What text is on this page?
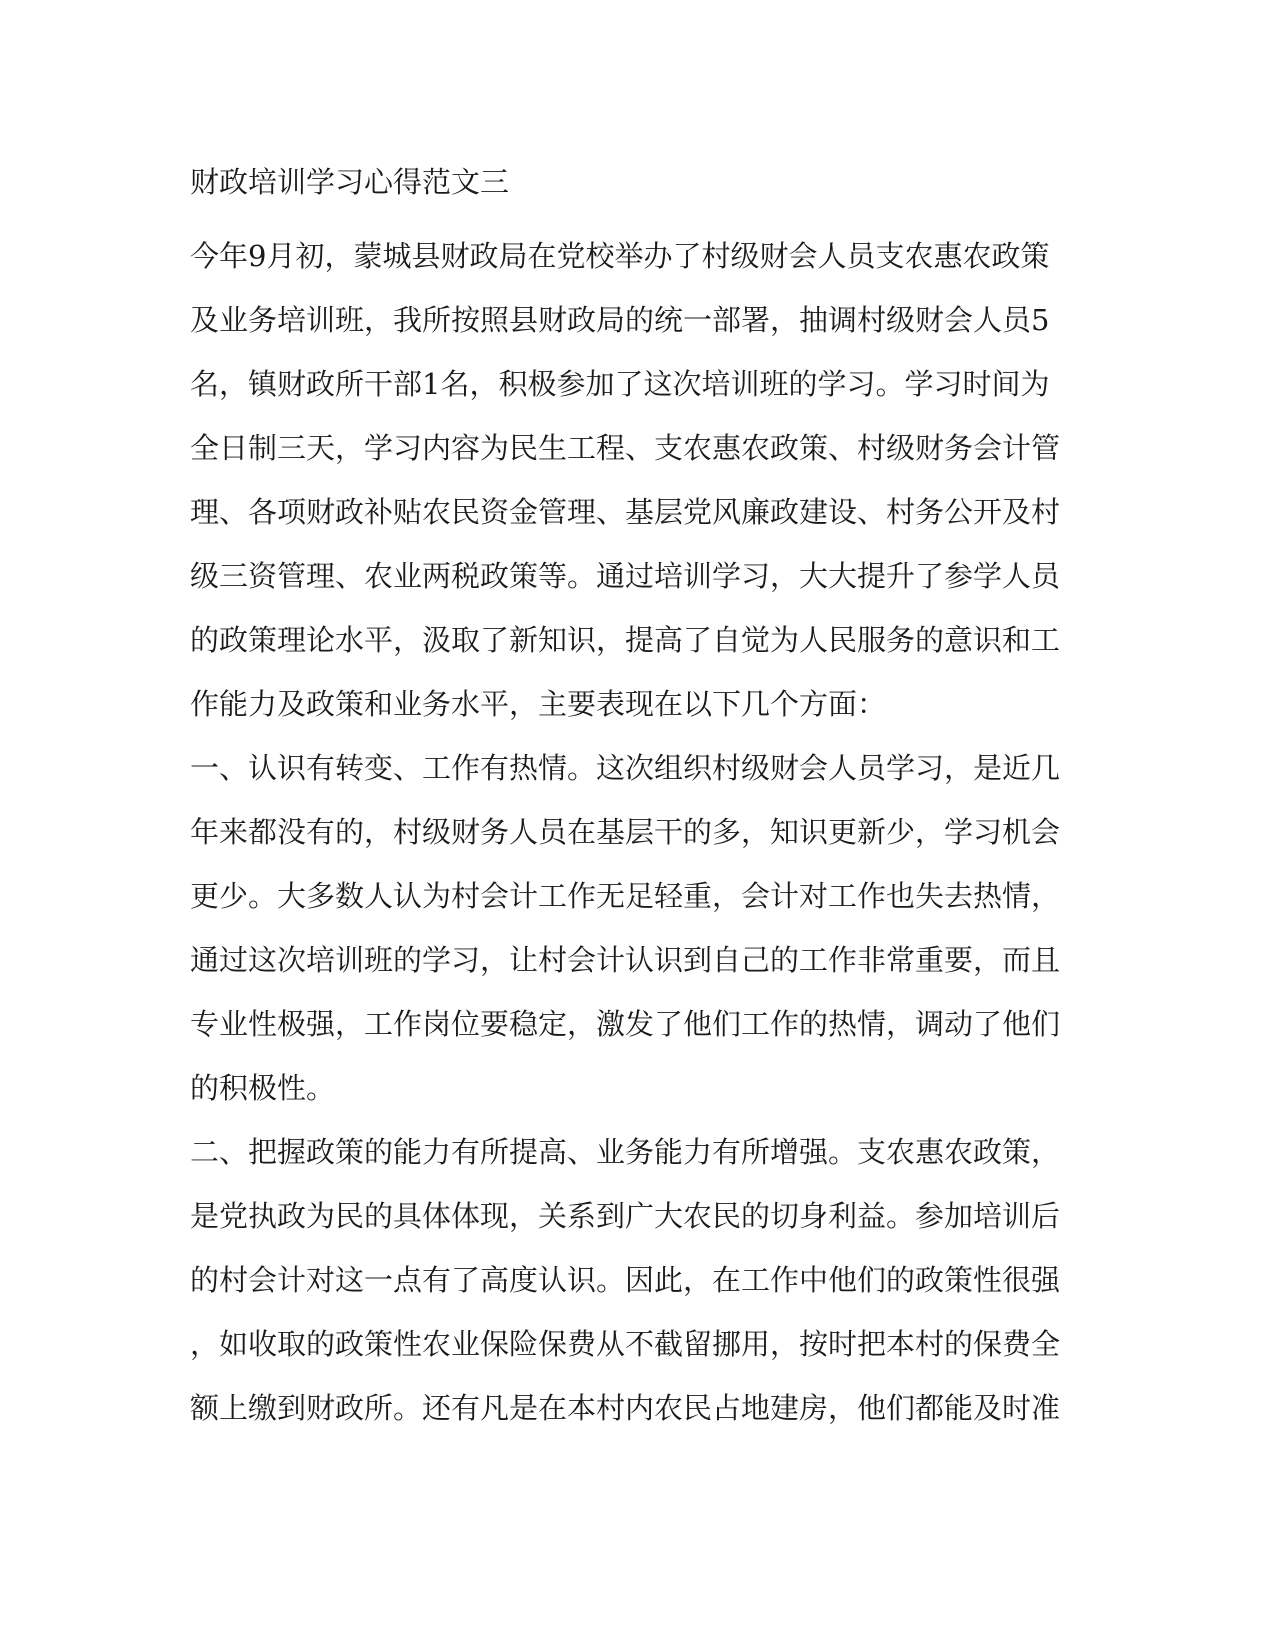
财政培训学习心得范文三
今年9月初，蒙城县财政局在党校举办了村级财会人员支农惠农政策
及业务培训班，我所按照县财政局的统一部署，抽调村级财会人员5
名，镇财政所干部1名，积极参加了这次培训班的学习。学习时间为
全日制三天，学习内容为民生工程、支农惠农政策、村级财务会计管
理、各项财政补贴农民资金管理、基层党风廉政建设、村务公开及村
级三资管理、农业两税政策等。通过培训学习，大大提升了参学人员
的政策理论水平，汲取了新知识，提高了自觉为人民服务的意识和工
作能力及政策和业务水平，主要表现在以下几个方面：
一、认识有转变、工作有热情。这次组织村级财会人员学习，是近几
年来都没有的，村级财务人员在基层干的多，知识更新少，学习机会
更少。大多数人认为村会计工作无足轻重，会计对工作也失去热情，
通过这次培训班的学习，让村会计认识到自己的工作非常重要，而且
专业性极强，工作岗位要稳定，激发了他们工作的热情，调动了他们
的积极性。
二、把握政策的能力有所提高、业务能力有所增强。支农惠农政策，
是党执政为民的具体体现，关系到广大农民的切身利益。参加培训后
的村会计对这一点有了高度认识。因此，在工作中他们的政策性很强
，如收取的政策性农业保险保费从不截留挪用，按时把本村的保费全
额上缴到财政所。还有凡是在本村内农民占地建房，他们都能及时准
